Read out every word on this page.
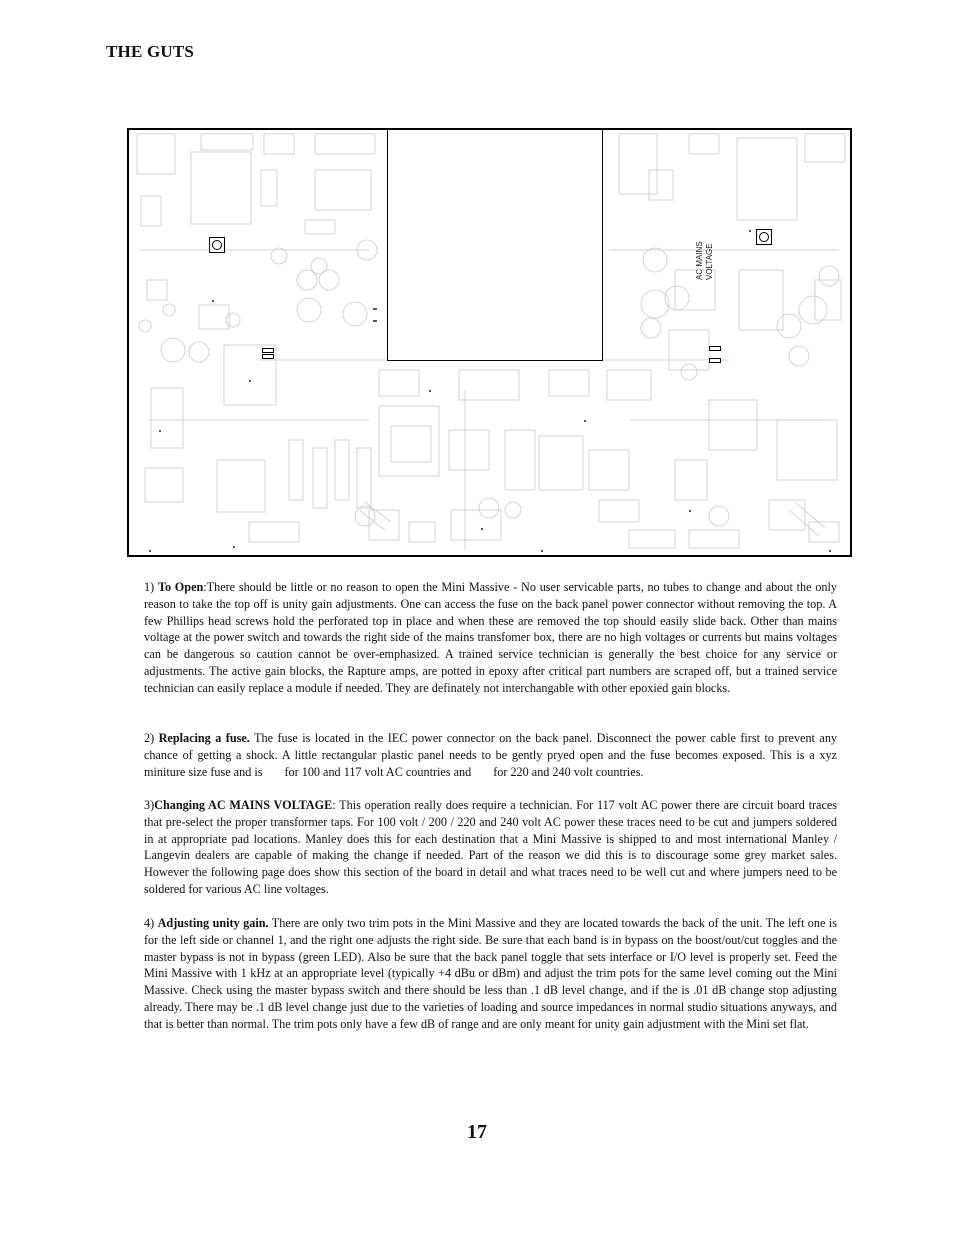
THE GUTS
AC MAINS VOLTAGE

1) To Open:There should be little or no reason to open the Mini Massive - No user servicable parts, no tubes to change and about the only reason to take the top off is unity gain adjustments. One can access the fuse on the back panel power connector without removing the top. A few Phillips head screws hold the perforated top in place and when these are removed the top should easily slide back. Other than mains voltage at the power switch and towards the right side of the mains transfomer box, there are no high voltages or currents but mains voltages can be dangerous so caution cannot be over-emphasized. A trained service technician is generally the best choice for any service or adjustments. The active gain blocks, the Rapture amps, are potted in epoxy after critical part numbers are scraped off, but a trained service technician can easily replace a module if needed. They are definately not interchangable with other epoxied gain blocks.

2) Replacing a fuse. The fuse is located in the IEC power connector on the back panel. Disconnect the power cable first to prevent any chance of getting a shock. A little rectangular plastic panel needs to be gently pryed open and the fuse becomes exposed. This is a xyz miniture size fuse and is for 100 and 117 volt AC countries and for 220 and 240 volt countries.

3)Changing AC MAINS VOLTAGE: This operation really does require a technician. For 117 volt AC power there are circuit board traces that pre-select the proper transformer taps. For 100 volt / 200 / 220 and 240 volt AC power these traces need to be cut and jumpers soldered in at appropriate pad locations. Manley does this for each destination that a Mini Massive is shipped to and most international Manley / Langevin dealers are capable of making the change if needed. Part of the reason we did this is to discourage some grey market sales. However the following page does show this section of the board in detail and what traces need to be well cut and where jumpers need to be soldered for various AC line voltages.

4) Adjusting unity gain. There are only two trim pots in the Mini Massive and they are located towards the back of the unit. The left one is for the left side or channel 1, and the right one adjusts the right side. Be sure that each band is in bypass on the boost/out/cut toggles and the master bypass is not in bypass (green LED). Also be sure that the back panel toggle that sets interface or I/O level is properly set. Feed the Mini Massive with 1 kHz at an appropriate level (typically +4 dBu or dBm) and adjust the trim pots for the same level coming out the Mini Massive. Check using the master bypass switch and there should be less than .1 dB level change, and if the is .01 dB change stop adjusting already. There may be .1 dB level change just due to the varieties of loading and source impedances in normal studio situations anyways, and that is better than normal. The trim pots only have a few dB of range and are only meant for unity gain adjustment with the Mini set flat.

17
